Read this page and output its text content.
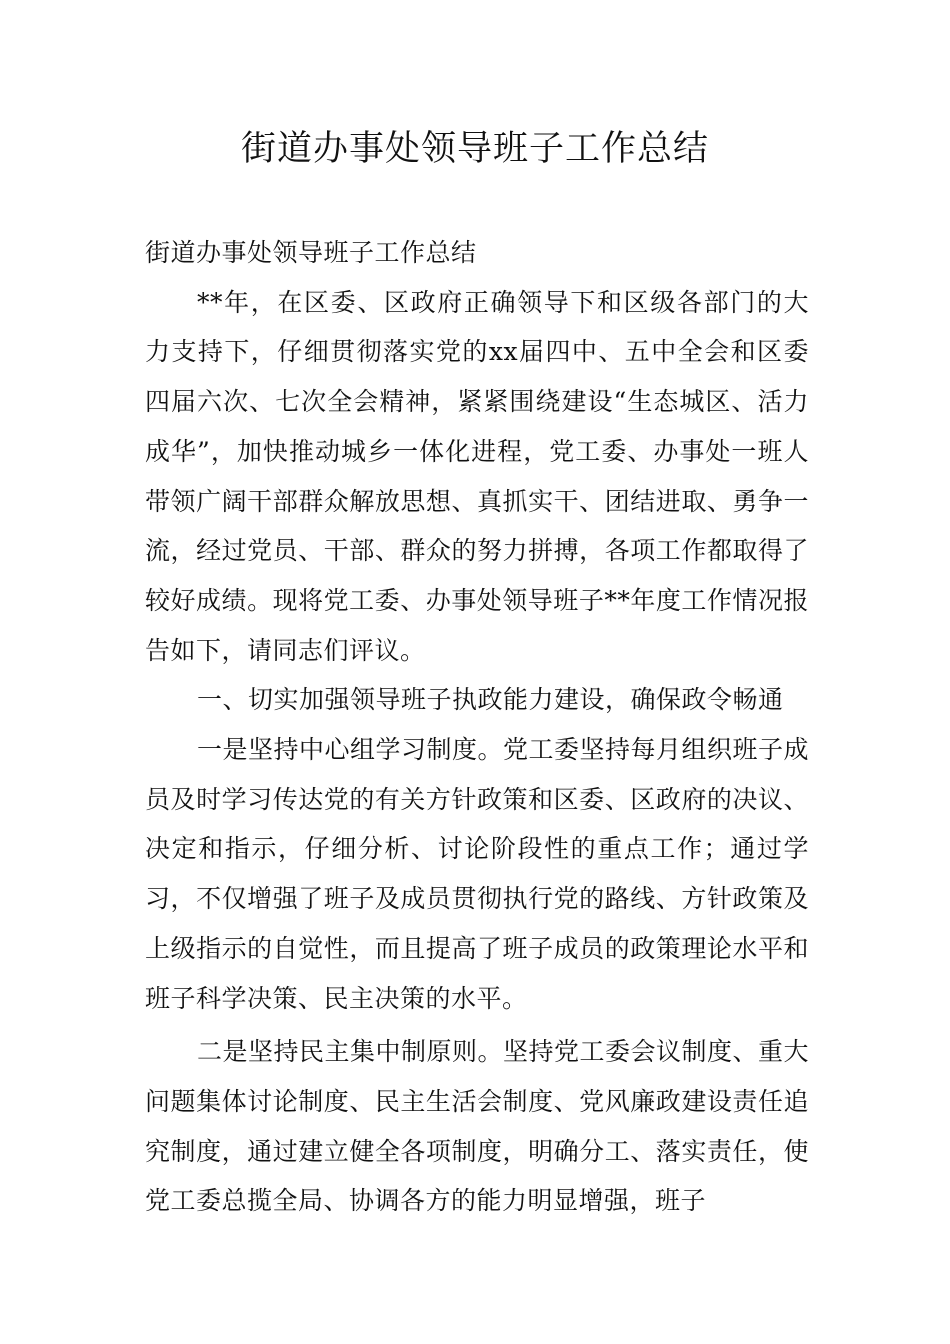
街道办事处领导班子工作总结

街道办事处领导班子工作总结

**年，在区委、区政府正确领导下和区级各部门的大力支持下，仔细贯彻落实党的xx届四中、五中全会和区委四届六次、七次全会精神，紧紧围绕建设“生态城区、活力成华”，加快推动城乡一体化进程，党工委、办事处一班人带领广阔干部群众解放思想、真抓实干、团结进取、勇争一流，经过党员、干部、群众的努力拼搏，各项工作都取得了较好成绩。现将党工委、办事处领导班子**年度工作情况报告如下，请同志们评议。

一、切实加强领导班子执政能力建设，确保政令畅通

一是坚持中心组学习制度。党工委坚持每月组织班子成员及时学习传达党的有关方针政策和区委、区政府的决议、决定和指示，仔细分析、讨论阶段性的重点工作；通过学习，不仅增强了班子及成员贯彻执行党的路线、方针政策及上级指示的自觉性，而且提高了班子成员的政策理论水平和班子科学决策、民主决策的水平。

二是坚持民主集中制原则。坚持党工委会议制度、重大问题集体讨论制度、民主生活会制度、党风廉政建设责任追究制度，通过建立健全各项制度，明确分工、落实责任，使党工委总揽全局、协调各方的能力明显增强，班子
